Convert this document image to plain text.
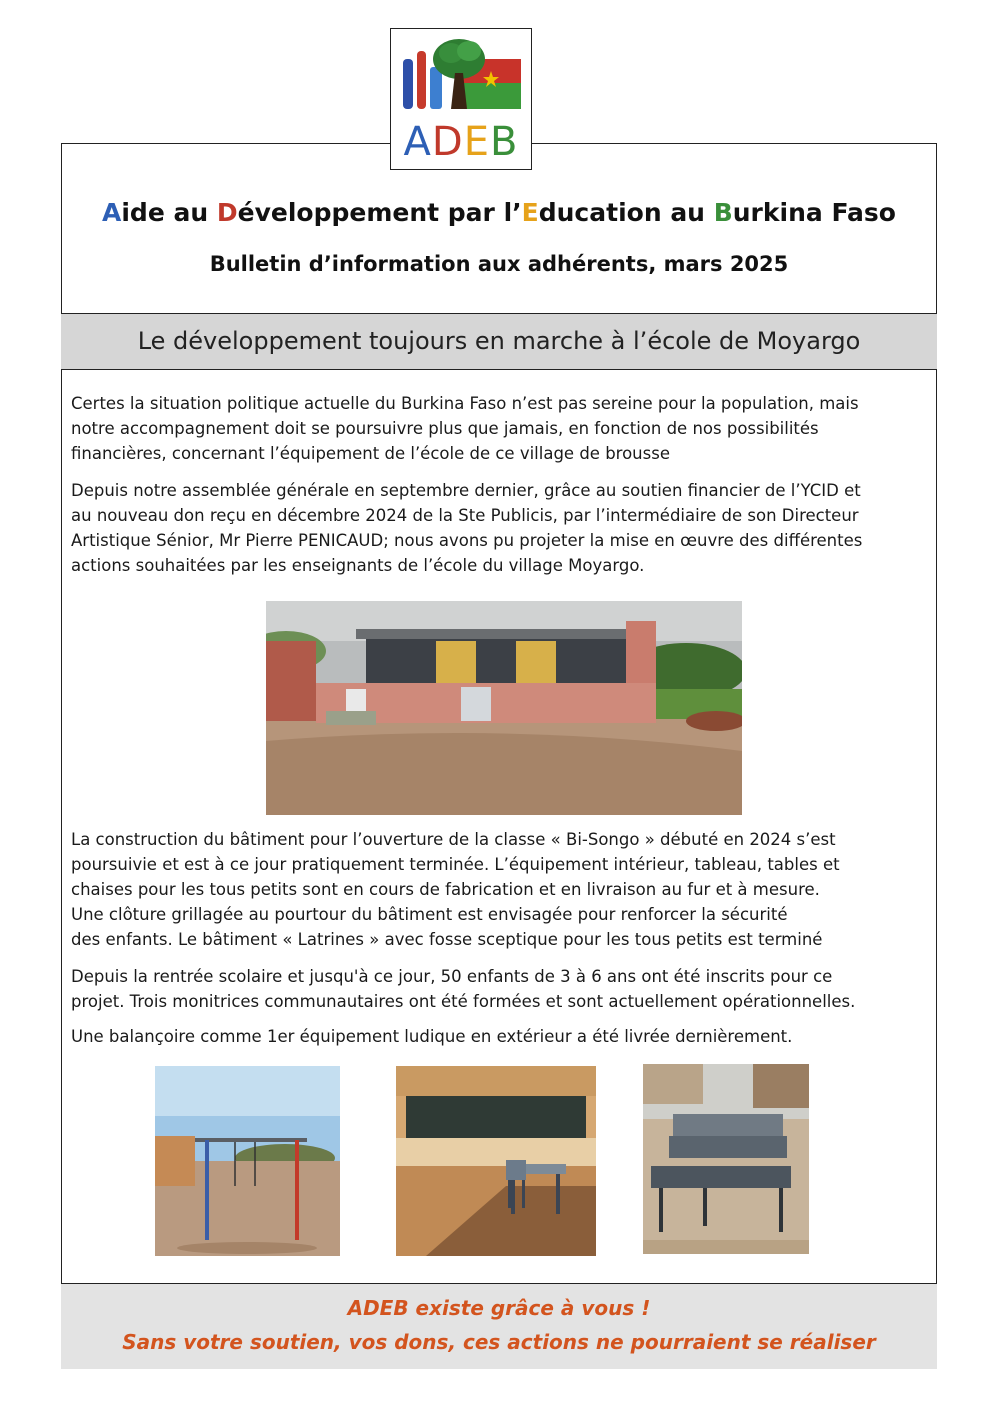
ADEB
Aide au Développement par l’Education au Burkina Faso
Bulletin d’information aux adhérents, mars 2025
Le développement toujours en marche à l’école de Moyargo

Certes la situation politique actuelle du Burkina Faso n’est pas sereine pour la population, mais
notre accompagnement doit se poursuivre plus que jamais, en fonction de nos possibilités
financières, concernant l’équipement de l’école de ce village de brousse

Depuis notre assemblée générale en septembre dernier, grâce au soutien financier de l’YCID et
au nouveau don reçu en décembre 2024 de la Ste Publicis, par l’intermédiaire de son Directeur
Artistique Sénior, Mr Pierre PENICAUD; nous avons pu projeter la mise en œuvre des différentes
actions souhaitées par les enseignants de l’école du village Moyargo.

La construction du bâtiment pour l’ouverture de la classe « Bi-Songo » débuté en 2024 s’est
poursuivie et est à ce jour pratiquement terminée. L’équipement intérieur, tableau, tables et
chaises pour les tous petits sont en cours de fabrication et en livraison au fur et à mesure.
Une clôture grillagée au pourtour du bâtiment est envisagée pour renforcer la sécurité
des enfants. Le bâtiment « Latrines » avec fosse sceptique pour les tous petits est terminé

Depuis la rentrée scolaire et jusqu'à ce jour, 50 enfants de 3 à 6 ans ont été inscrits pour ce
projet. Trois monitrices communautaires ont été formées et sont actuellement opérationnelles.

Une balançoire comme 1er équipement ludique en extérieur a été livrée dernièrement.

ADEB existe grâce à vous !
Sans votre soutien, vos dons, ces actions ne pourraient se réaliser
